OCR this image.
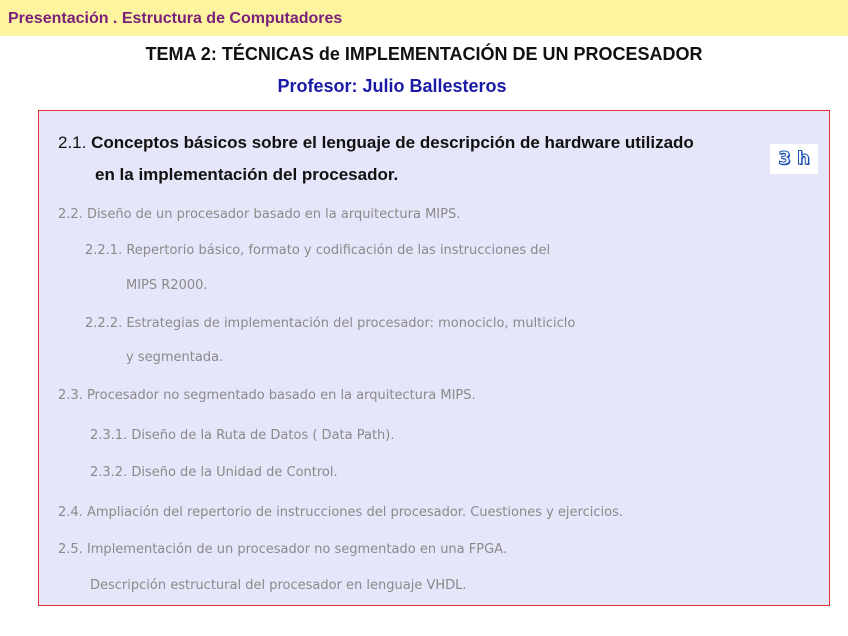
Presentación . Estructura de Computadores
TEMA 2: TÉCNICAS de IMPLEMENTACIÓN DE UN PROCESADOR
Profesor: Julio Ballesteros
2.1. Conceptos básicos sobre el lenguaje de descripción de hardware utilizado
en la implementación del procesador.
3 h
2.2. Diseño de un procesador basado en la arquitectura MIPS.
2.2.1. Repertorio básico, formato y codificación de las instrucciones del
MIPS R2000.
2.2.2. Estrategias de implementación del procesador: monociclo, multiciclo
y segmentada.
2.3. Procesador no segmentado basado en la arquitectura MIPS.
2.3.1. Diseño de la Ruta de Datos ( Data Path).
2.3.2. Diseño de la Unidad de Control.
2.4. Ampliación del repertorio de instrucciones del procesador. Cuestiones y ejercicios.
2.5. Implementación de un procesador no segmentado en una FPGA.
Descripción estructural del procesador en lenguaje VHDL.
